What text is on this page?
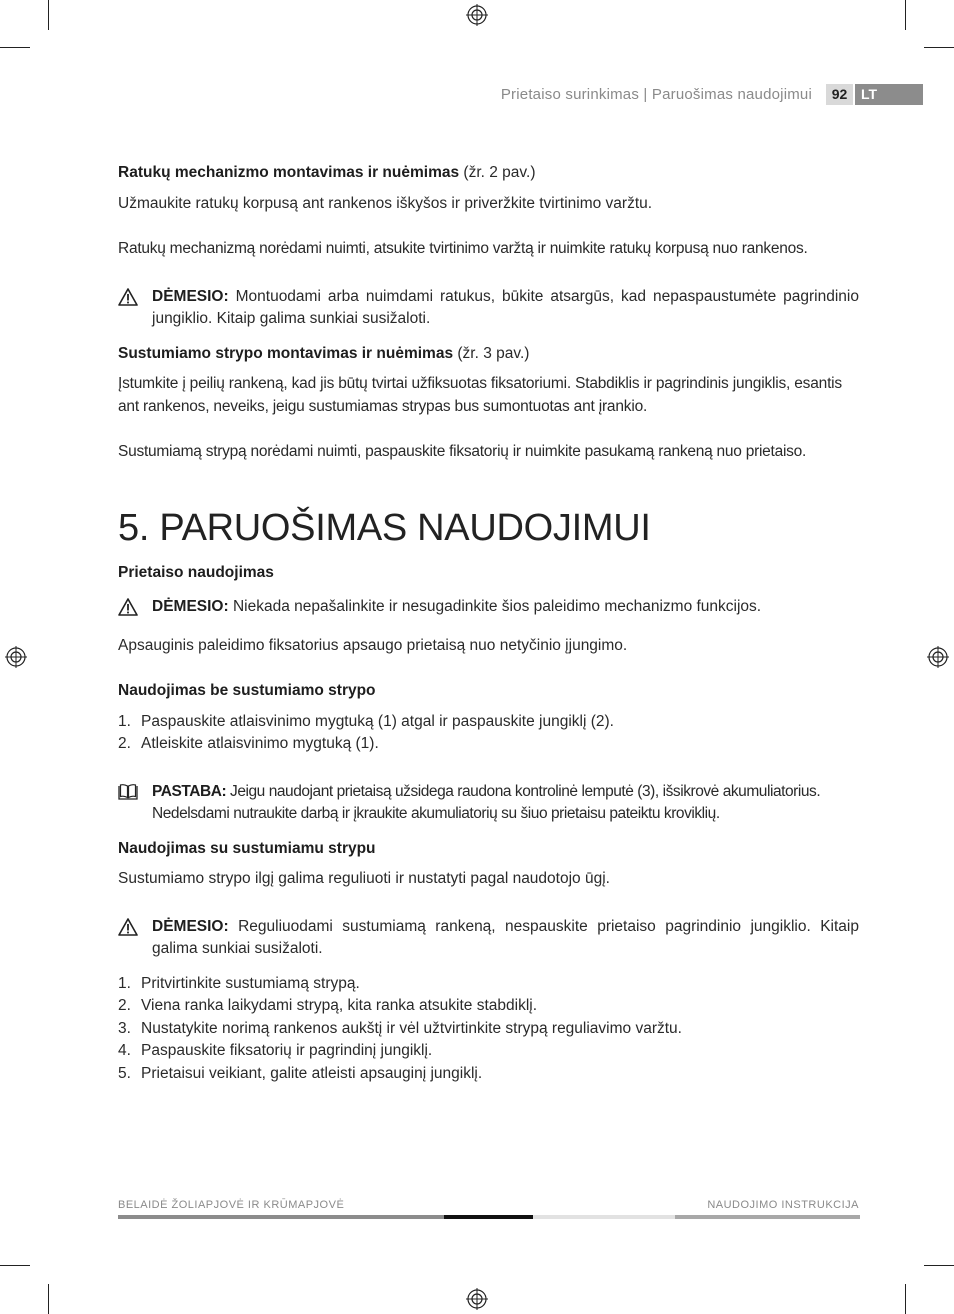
Prietaiso surinkimas | Paruošimas naudojimui	92 LT

Ratukų mechanizmo montavimas ir nuėmimas (žr. 2 pav.)

Užmaukite ratukų korpusą ant rankenos iškyšos ir priveržkite tvirtinimo varžtu.

Ratukų mechanizmą norėdami nuimti, atsukite tvirtinimo varžtą ir nuimkite ratukų korpusą nuo rankenos.

DĖMESIO: Montuodami arba nuimdami ratukus, būkite atsargūs, kad nepaspaustumėte pagrindinio jungiklio. Kitaip galima sunkiai susižaloti.

Sustumiamo strypo montavimas ir nuėmimas (žr. 3 pav.)

Įstumkite į peilių rankeną, kad jis būtų tvirtai užfiksuotas fiksatoriumi. Stabdiklis ir pagrindinis jungiklis, esantis ant rankenos, neveiks, jeigu sustumiamas strypas bus sumontuotas ant įrankio.

Sustumiamą strypą norėdami nuimti, paspauskite fiksatorių ir nuimkite pasukamą rankeną nuo prietaiso.

5. PARUOŠIMAS NAUDOJIMUI

Prietaiso naudojimas

DĖMESIO: Niekada nepašalinkite ir nesugadinkite šios paleidimo mechanizmo funkcijos.

Apsauginis paleidimo fiksatorius apsaugo prietaisą nuo netyčinio įjungimo.

Naudojimas be sustumiamo strypo

1. Paspauskite atlaisvinimo mygtuką (1) atgal ir paspauskite jungiklį (2).
2. Atleiskite atlaisvinimo mygtuką (1).
PASTABA: Jeigu naudojant prietaisą užsidega raudona kontrolinė lemputė (3), išsikrovė akumuliatorius. Nedelsdami nutraukite darbą ir įkraukite akumuliatorių su šiuo prietaisu pateiktu kroviklių.

Naudojimas su sustumiamu strypu

Sustumiamo strypo ilgį galima reguliuoti ir nustatyti pagal naudotojo ūgį.

DĖMESIO: Reguliuodami sustumiamą rankeną, nespauskite prietaiso pagrindinio jungiklio. Kitaip galima sunkiai susižaloti.
1. Pritvirtinkite sustumiamą strypą.
2. Viena ranka laikydami strypą, kita ranka atsukite stabdiklį.
3. Nustatykite norimą rankenos aukštį ir vėl užtvirtinkite strypą reguliavimo varžtu.
4. Paspauskite fiksatorių ir pagrindinį jungiklį.
5. Prietaisui veikiant, galite atleisti apsauginį jungiklį.
BELAIDĖ ŽOLIAPJOVĖ IR KRŪMAPJOVĖ	NAUDOJIMO INSTRUKCIJA
